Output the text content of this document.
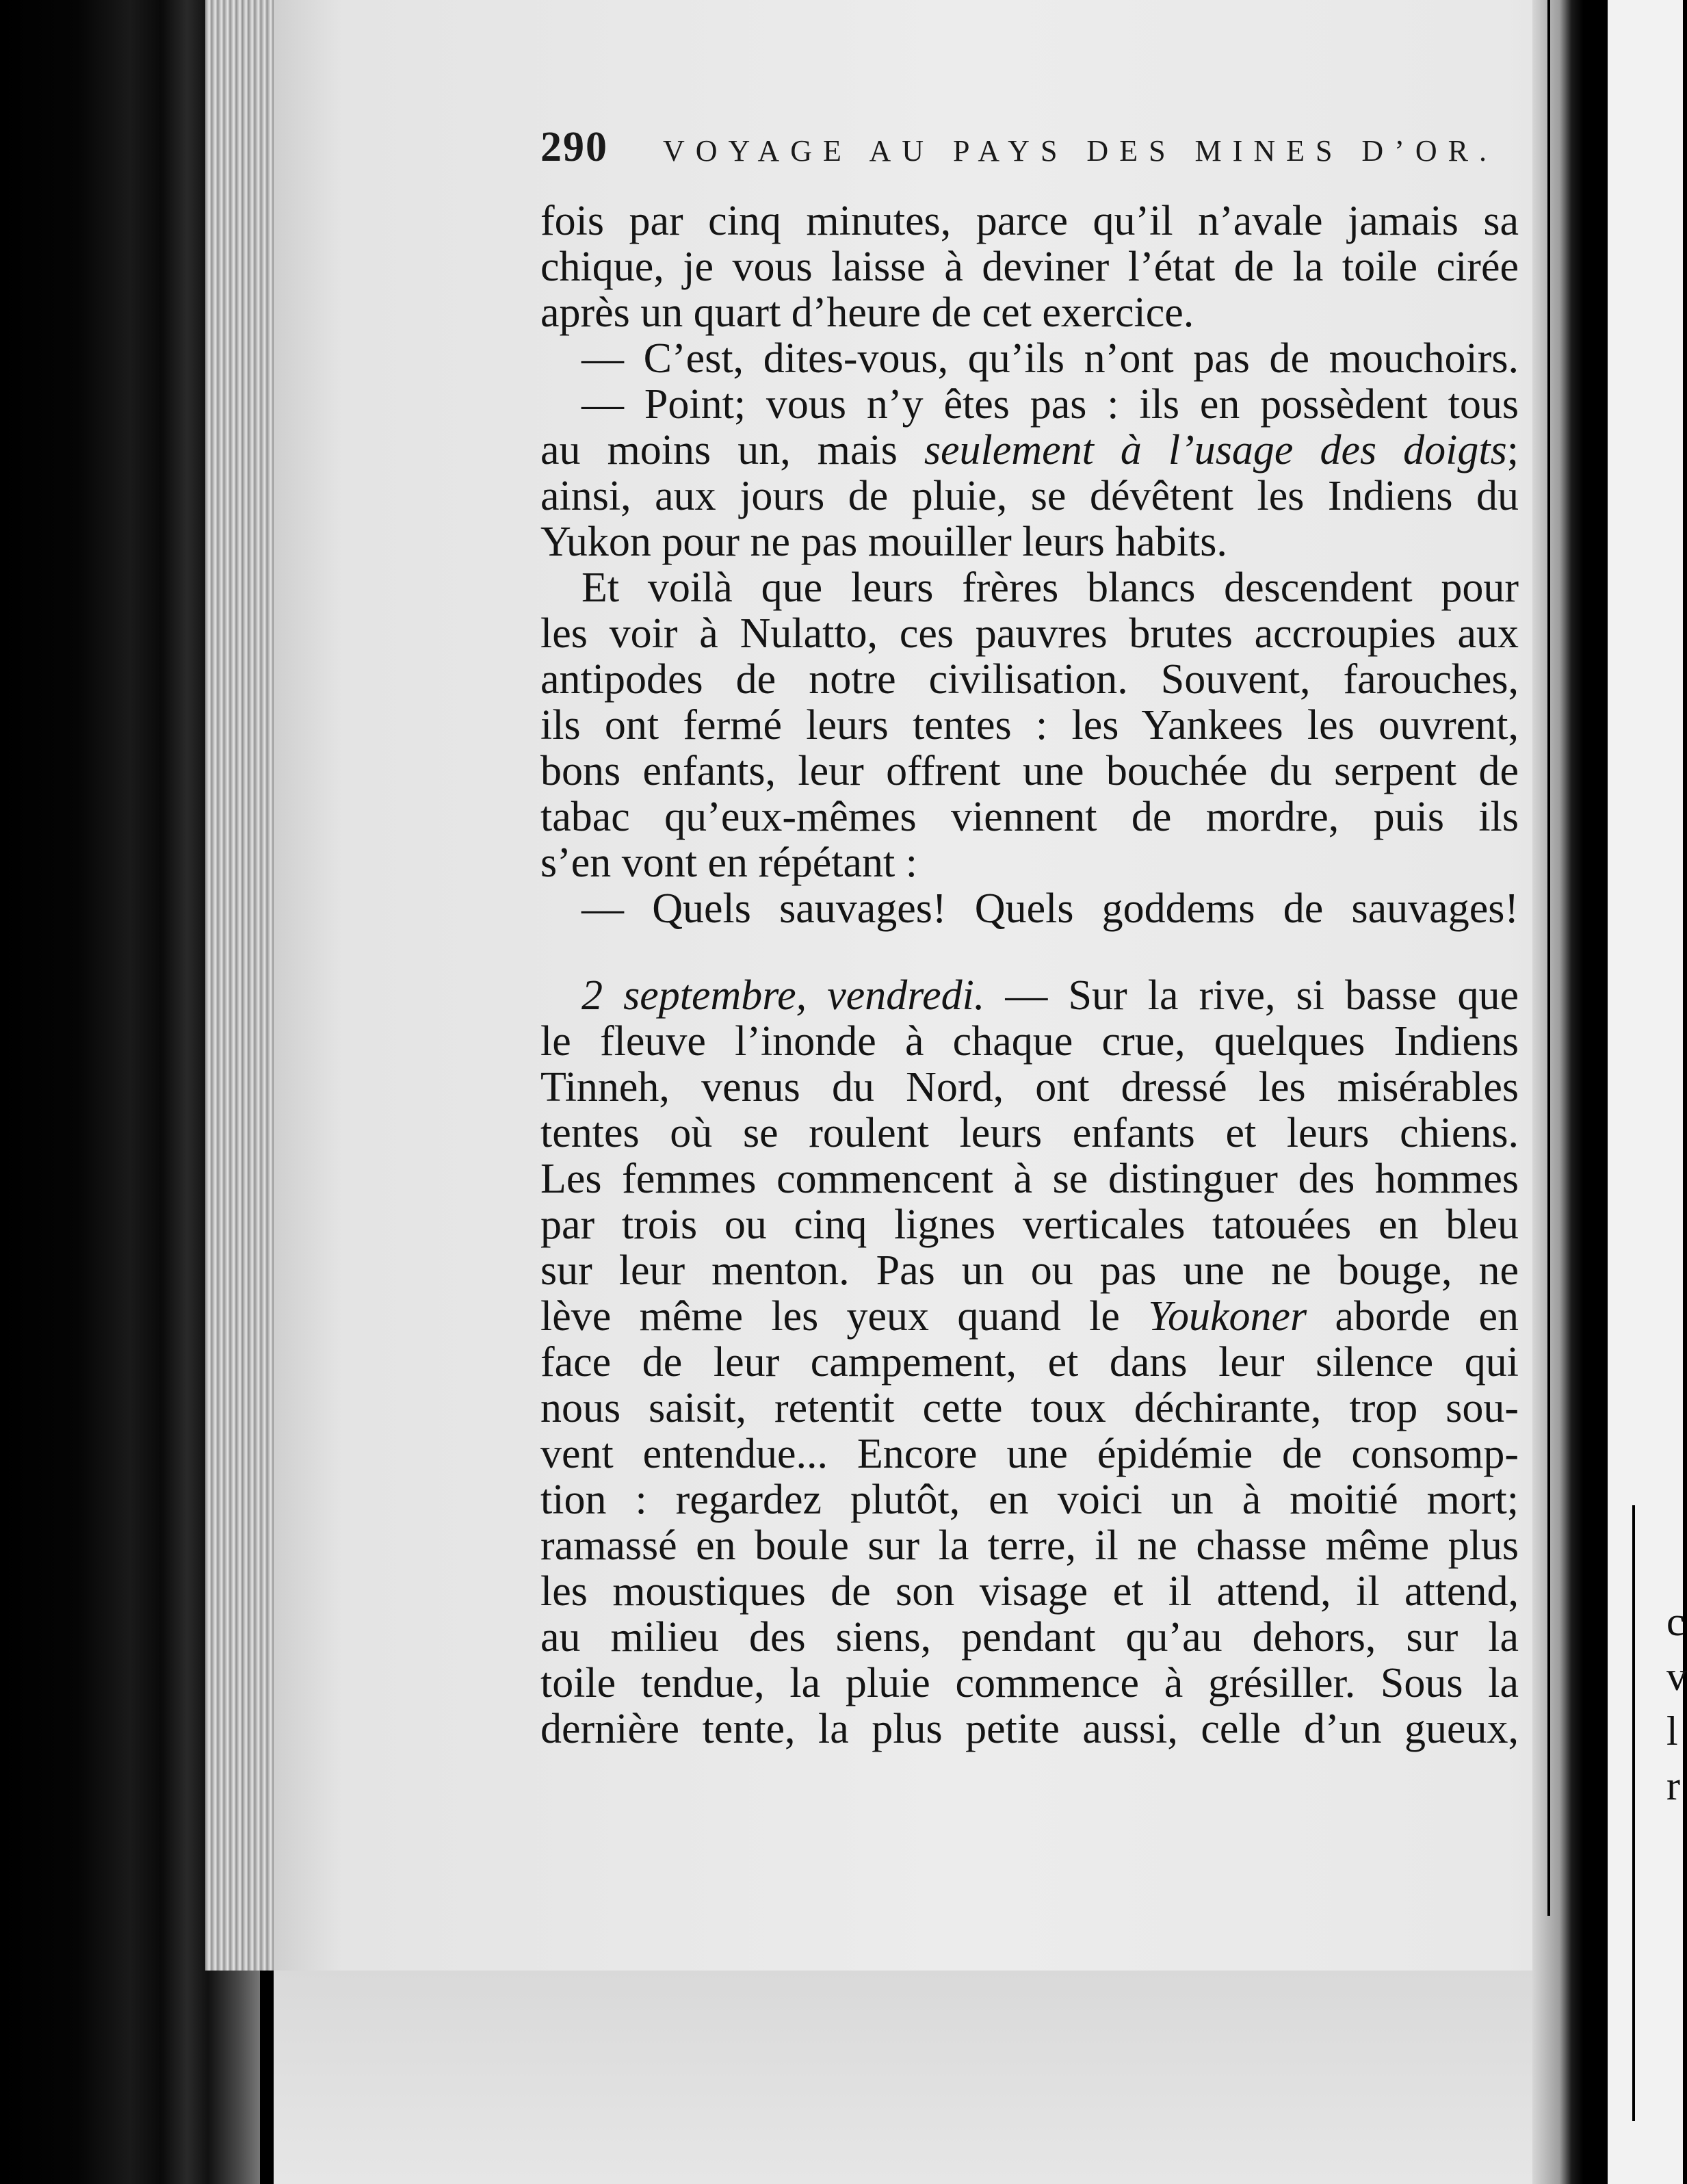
c
v
l
r
290 VOYAGE AU PAYS DES MINES D’OR.
fois par cinq minutes, parce qu’il n’avale jamais sa
chique, je vous laisse à deviner l’état de la toile cirée
après un quart d’heure de cet exercice.
— C’est, dites-vous, qu’ils n’ont pas de mouchoirs.
— Point; vous n’y êtes pas : ils en possèdent tous
au moins un, mais seulement à l’usage des doigts;
ainsi, aux jours de pluie, se dévêtent les Indiens du
Yukon pour ne pas mouiller leurs habits.
Et voilà que leurs frères blancs descendent pour
les voir à Nulatto, ces pauvres brutes accroupies aux
antipodes de notre civilisation. Souvent, farouches,
ils ont fermé leurs tentes : les Yankees les ouvrent,
bons enfants, leur offrent une bouchée du serpent de
tabac qu’eux-mêmes viennent de mordre, puis ils
s’en vont en répétant :
— Quels sauvages! Quels goddems de sauvages!
2 septembre, vendredi. — Sur la rive, si basse que
le fleuve l’inonde à chaque crue, quelques Indiens
Tinneh, venus du Nord, ont dressé les misérables
tentes où se roulent leurs enfants et leurs chiens.
Les femmes commencent à se distinguer des hommes
par trois ou cinq lignes verticales tatouées en bleu
sur leur menton. Pas un ou pas une ne bouge, ne
lève même les yeux quand le Youkoner aborde en
face de leur campement, et dans leur silence qui
nous saisit, retentit cette toux déchirante, trop sou-
vent entendue... Encore une épidémie de consomp-
tion : regardez plutôt, en voici un à moitié mort;
ramassé en boule sur la terre, il ne chasse même plus
les moustiques de son visage et il attend, il attend,
au milieu des siens, pendant qu’au dehors, sur la
toile tendue, la pluie commence à grésiller. Sous la
dernière tente, la plus petite aussi, celle d’un gueux,
